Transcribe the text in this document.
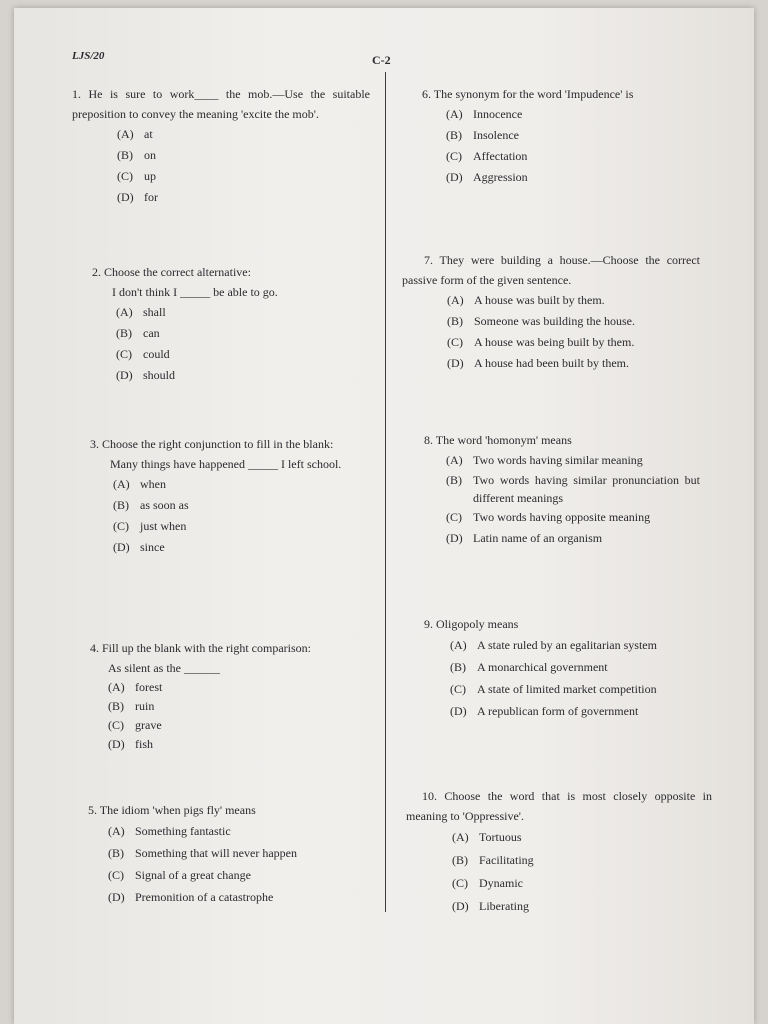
LJS/20	C-2
1. He is sure to work____ the mob.—Use the suitable preposition to convey the meaning 'excite the mob'.
(A) at
(B) on
(C) up
(D) for
2. Choose the correct alternative:
I don't think I _____ be able to go.
(A) shall
(B) can
(C) could
(D) should
3. Choose the right conjunction to fill in the blank:
Many things have happened _____ I left school.
(A) when
(B) as soon as
(C) just when
(D) since
4. Fill up the blank with the right comparison:
As silent as the ______
(A) forest
(B) ruin
(C) grave
(D) fish
5. The idiom 'when pigs fly' means
(A) Something fantastic
(B) Something that will never happen
(C) Signal of a great change
(D) Premonition of a catastrophe
6. The synonym for the word 'Impudence' is
(A) Innocence
(B) Insolence
(C) Affectation
(D) Aggression
7. They were building a house.—Choose the correct passive form of the given sentence.
(A) A house was built by them.
(B) Someone was building the house.
(C) A house was being built by them.
(D) A house had been built by them.
8. The word 'homonym' means
(A) Two words having similar meaning
(B) Two words having similar pronunciation but different meanings
(C) Two words having opposite meaning
(D) Latin name of an organism
9. Oligopoly means
(A) A state ruled by an egalitarian system
(B) A monarchical government
(C) A state of limited market competition
(D) A republican form of government
10. Choose the word that is most closely opposite in meaning to 'Oppressive'.
(A) Tortuous
(B) Facilitating
(C) Dynamic
(D) Liberating
